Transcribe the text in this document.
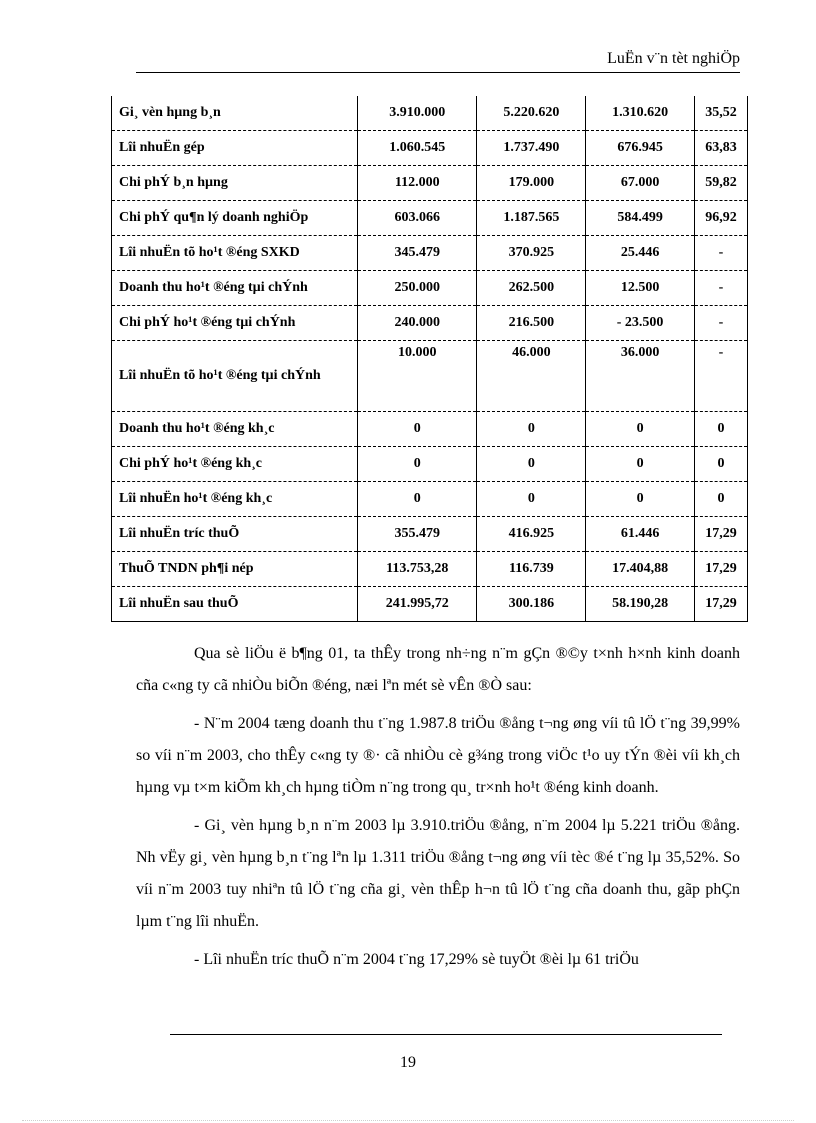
LuËn v¨n tèt nghiÖp
Gi¸ vèn hµng b¸n	3.910.000	5.220.620	1.310.620	35,52
Lîi nhuËn gép	1.060.545	1.737.490	676.945	63,83
Chi phÝ b¸n hµng	112.000	179.000	67.000	59,82
Chi phÝ qu¶n lý doanh nghiÖp	603.066	1.187.565	584.499	96,92
Lîi nhuËn tõ ho¹t ®éng SXKD	345.479	370.925	25.446	-
Doanh thu ho¹t ®éng tµi chÝnh	250.000	262.500	12.500	-
Chi phÝ ho¹t ®éng tµi chÝnh	240.000	216.500	- 23.500	-
Lîi nhuËn tõ ho¹t ®éng tµi chÝnh	10.000	46.000	36.000	-
Doanh thu ho¹t ®éng kh¸c	0	0	0	0
Chi phÝ ho¹t ®éng kh¸c	0	0	0	0
Lîi nhuËn ho¹t ®éng kh¸c	0	0	0	0
Lîi nhuËn tríc thuÕ	355.479	416.925	61.446	17,29
ThuÕ TNDN ph¶i nép	113.753,28	116.739	17.404,88	17,29
Lîi nhuËn sau thuÕ	241.995,72	300.186	58.190,28	17,29

Qua sè liÖu ë b¶ng 01, ta thÊy trong nh÷ng n¨m gÇn ®©y t×nh h×nh kinh doanh cña c«ng ty cã nhiÒu biÕn ®éng, næi lªn mét sè vÊn ®Ò sau:

- N¨m 2004 tæng doanh thu t¨ng 1.987.8 triÖu ®ång t¬ng øng víi tû lÖ t¨ng 39,99% so víi n¨m 2003, cho thÊy c«ng ty ®· cã nhiÒu cè g¾ng trong viÖc t¹o uy tÝn ®èi víi kh¸ch hµng vµ t×m kiÕm kh¸ch hµng tiÒm n¨ng trong qu¸ tr×nh ho¹t ®éng kinh doanh.

- Gi¸ vèn hµng b¸n n¨m 2003 lµ 3.910.triÖu ®ång, n¨m 2004 lµ 5.221 triÖu ®ång. Nh vËy gi¸ vèn hµng b¸n t¨ng lªn lµ 1.311 triÖu ®ång t¬ng øng víi tèc ®é t¨ng lµ 35,52%. So víi n¨m 2003 tuy nhiªn tû lÖ t¨ng cña gi¸ vèn thÊp h¬n tû lÖ t¨ng cña doanh thu, gãp phÇn lµm t¨ng lîi nhuËn.

- Lîi nhuËn tríc thuÕ n¨m 2004 t¨ng 17,29% sè tuyÖt ®èi lµ 61 triÖu

19
